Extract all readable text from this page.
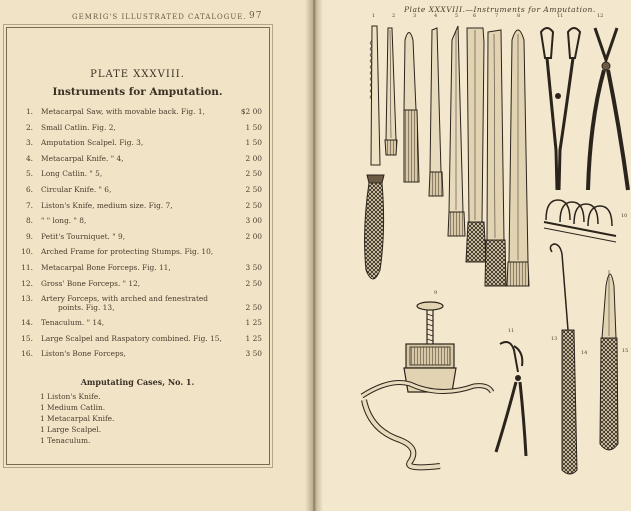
GEMRIG'S ILLUSTRATED CATALOGUE. 97
PLATE XXXVIII.
Instruments for Amputation.
1. Metacarpal Saw, with movable back. Fig. 1,	$2 00
2. Small Catlin. Fig. 2,	1 50
3. Amputation Scalpel. Fig. 3,	1 50
4. Metacarpal Knife. " 4,	2 00
5. Long Catlin. " 5,	2 50
6. Circular Knife. " 6,	2 50
7. Liston's Knife, medium size. Fig. 7,	2 50
8. " " long. " 8,	3 00
9. Petit's Tourniquet. " 9,	2 00
10. Arched Frame for protecting Stumps. Fig. 10,
11. Metacarpal Bone Forceps. Fig. 11,	3 50
12. Gross' Bone Forceps. " 12,	2 50
13. Artery Forceps, with arched and fenestrated
points. Fig. 13,	2 50
14. Tenaculum. " 14,	1 25
15. Large Scalpel and Raspatory combined. Fig. 15,	1 25
16. Liston's Bone Forceps,	3 50
Amputating Cases, No. 1.
1 Liston's Knife.
1 Medium Catlin.
1 Metacarpal Knife.
1 Large Scalpel.
1 Tenaculum.
Plate XXXVIII.—Instruments for Amputation.
1	2	3	4	5	6	7	8	11	12
9
10
11
13
14	15
